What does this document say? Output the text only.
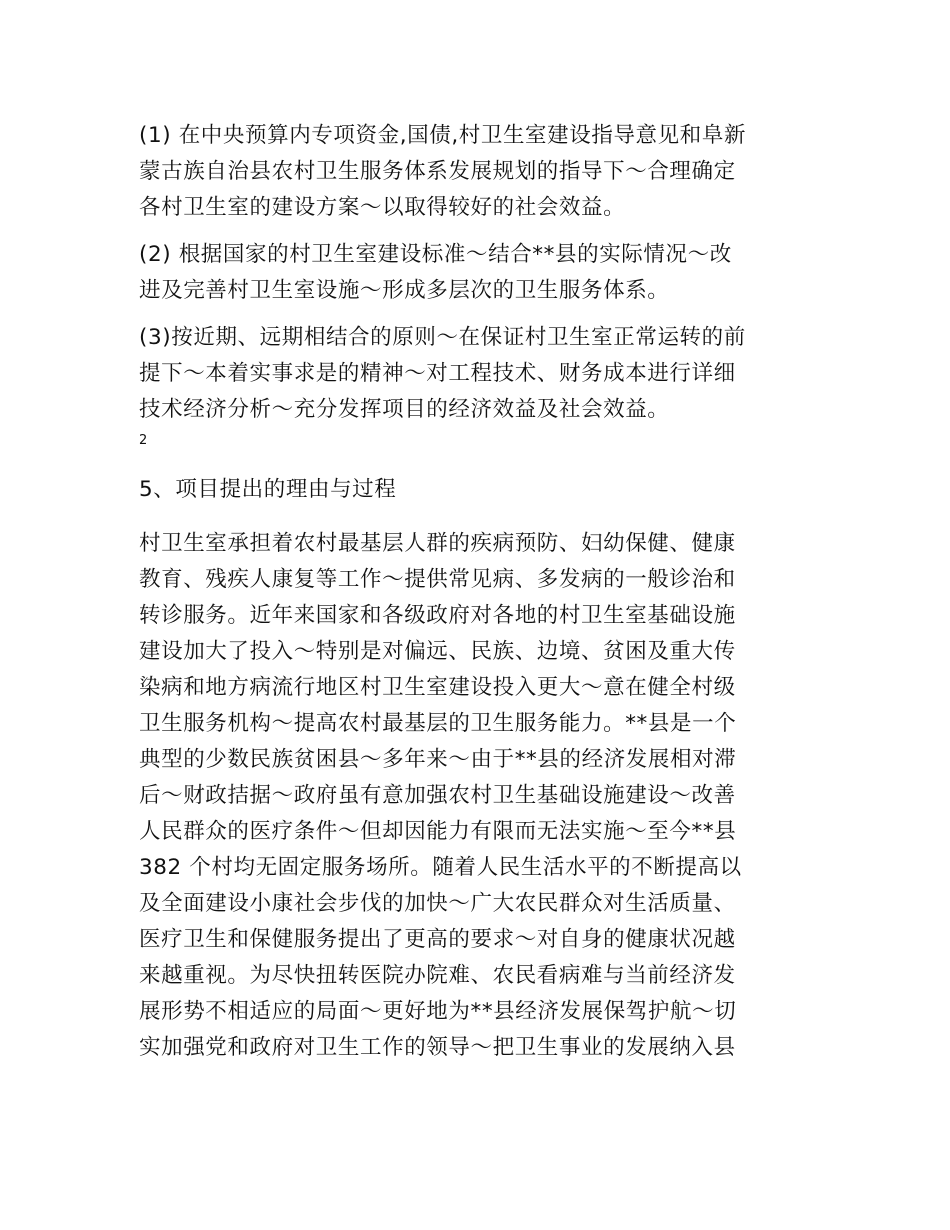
(1) 在中央预算内专项资金,国债,村卫生室建设指导意见和阜新
蒙古族自治县农村卫生服务体系发展规划的指导下～合理确定
各村卫生室的建设方案～以取得较好的社会效益。

(2) 根据国家的村卫生室建设标准～结合**县的实际情况～改
进及完善村卫生室设施～形成多层次的卫生服务体系。

(3)按近期、远期相结合的原则～在保证村卫生室正常运转的前
提下～本着实事求是的精神～对工程技术、财务成本进行详细
技术经济分析～充分发挥项目的经济效益及社会效益。

2

5、项目提出的理由与过程

村卫生室承担着农村最基层人群的疾病预防、妇幼保健、健康
教育、残疾人康复等工作～提供常见病、多发病的一般诊治和
转诊服务。近年来国家和各级政府对各地的村卫生室基础设施
建设加大了投入～特别是对偏远、民族、边境、贫困及重大传
染病和地方病流行地区村卫生室建设投入更大～意在健全村级
卫生服务机构～提高农村最基层的卫生服务能力。**县是一个
典型的少数民族贫困县～多年来～由于**县的经济发展相对滞
后～财政拮据～政府虽有意加强农村卫生基础设施建设～改善
人民群众的医疗条件～但却因能力有限而无法实施～至今**县
382 个村均无固定服务场所。随着人民生活水平的不断提高以
及全面建设小康社会步伐的加快～广大农民群众对生活质量、
医疗卫生和保健服务提出了更高的要求～对自身的健康状况越
来越重视。为尽快扭转医院办院难、农民看病难与当前经济发
展形势不相适应的局面～更好地为**县经济发展保驾护航～切
实加强党和政府对卫生工作的领导～把卫生事业的发展纳入县
